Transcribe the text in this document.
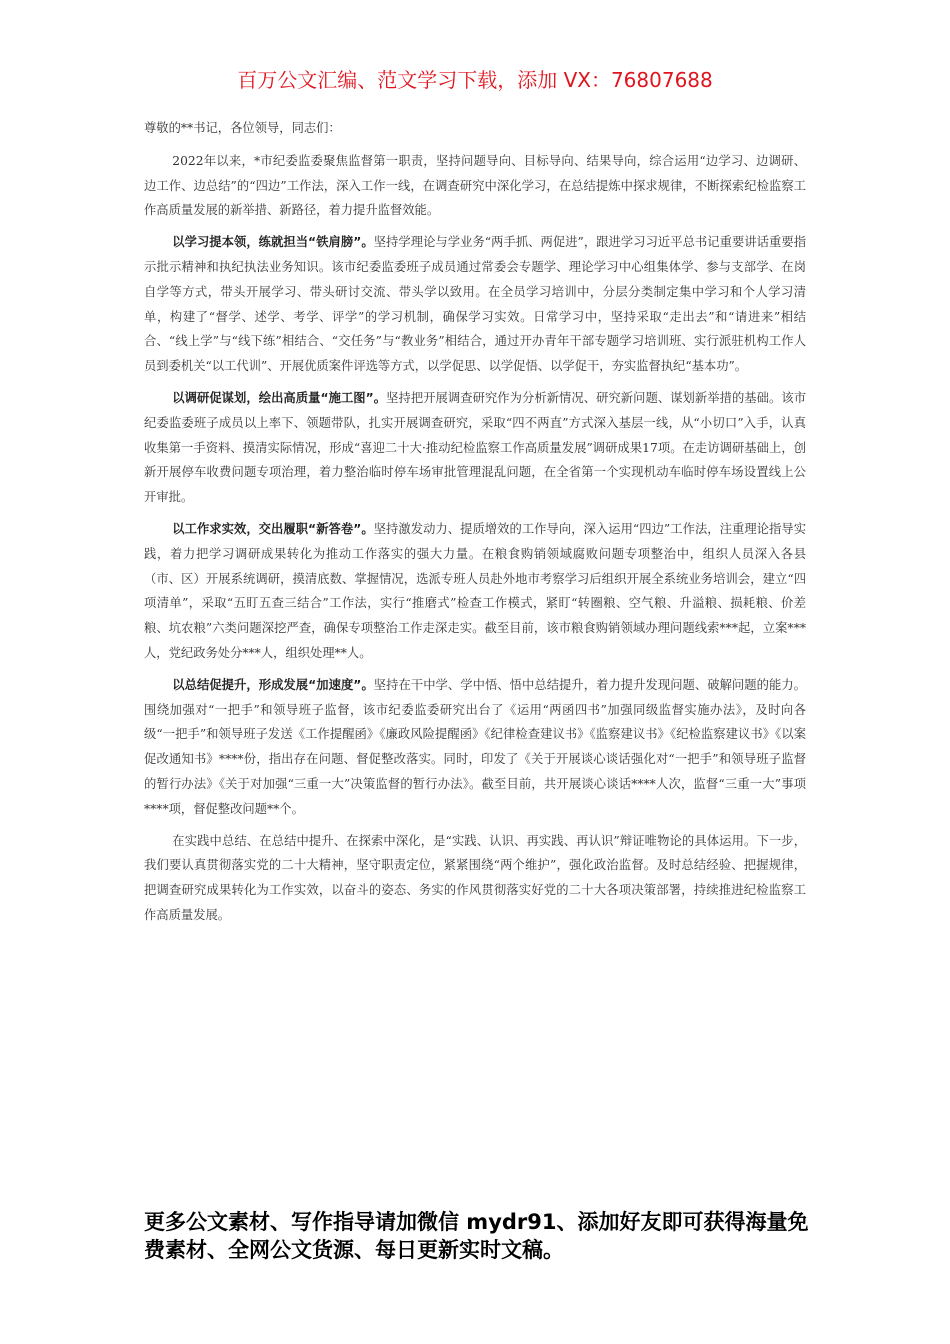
百万公文汇编、范文学习下载，添加 VX：76807688

尊敬的**书记，各位领导，同志们：

2022年以来，*市纪委监委聚焦监督第一职责，坚持问题导向、目标导向、结果导向，综合运用“边学习、边调研、边工作、边总结”的“四边”工作法，深入工作一线，在调查研究中深化学习，在总结提炼中探求规律，不断探索纪检监察工作高质量发展的新举措、新路径，着力提升监督效能。

以学习提本领，练就担当“铁肩膀”。坚持学理论与学业务“两手抓、两促进”，跟进学习习近平总书记重要讲话重要指示批示精神和执纪执法业务知识。该市纪委监委班子成员通过常委会专题学、理论学习中心组集体学、参与支部学、在岗自学等方式，带头开展学习、带头研讨交流、带头学以致用。在全员学习培训中，分层分类制定集中学习和个人学习清单，构建了“督学、述学、考学、评学”的学习机制，确保学习实效。日常学习中，坚持采取“走出去”和“请进来”相结合、“线上学”与“线下练”相结合、“交任务”与“教业务”相结合，通过开办青年干部专题学习培训班、实行派驻机构工作人员到委机关“以工代训”、开展优质案件评选等方式，以学促思、以学促悟、以学促干，夯实监督执纪“基本功”。

以调研促谋划，绘出高质量“施工图”。坚持把开展调查研究作为分析新情况、研究新问题、谋划新举措的基础。该市纪委监委班子成员以上率下、领题带队，扎实开展调查研究，采取“四不两直”方式深入基层一线，从“小切口”入手，认真收集第一手资料、摸清实际情况，形成“喜迎二十大·推动纪检监察工作高质量发展”调研成果17项。在走访调研基础上，创新开展停车收费问题专项治理，着力整治临时停车场审批管理混乱问题，在全省第一个实现机动车临时停车场设置线上公开审批。

以工作求实效，交出履职“新答卷”。坚持激发动力、提质增效的工作导向，深入运用“四边”工作法，注重理论指导实践，着力把学习调研成果转化为推动工作落实的强大力量。在粮食购销领域腐败问题专项整治中，组织人员深入各县（市、区）开展系统调研，摸清底数、掌握情况，选派专班人员赴外地市考察学习后组织开展全系统业务培训会，建立“四项清单”，采取“五盯五查三结合”工作法，实行“推磨式”检查工作模式，紧盯“转圈粮、空气粮、升溢粮、损耗粮、价差粮、坑农粮”六类问题深挖严查，确保专项整治工作走深走实。截至目前，该市粮食购销领域办理问题线索***起，立案***人，党纪政务处分***人，组织处理**人。

以总结促提升，形成发展“加速度”。坚持在干中学、学中悟、悟中总结提升，着力提升发现问题、破解问题的能力。围绕加强对“一把手”和领导班子监督，该市纪委监委研究出台了《运用“两函四书”加强同级监督实施办法》，及时向各级“一把手”和领导班子发送《工作提醒函》《廉政风险提醒函》《纪律检查建议书》《监察建议书》《纪检监察建议书》《以案促改通知书》****份，指出存在问题、督促整改落实。同时，印发了《关于开展谈心谈话强化对“一把手”和领导班子监督的暂行办法》《关于对加强“三重一大”决策监督的暂行办法》。截至目前，共开展谈心谈话****人次，监督“三重一大”事项****项，督促整改问题**个。

在实践中总结、在总结中提升、在探索中深化，是“实践、认识、再实践、再认识”辩证唯物论的具体运用。下一步，我们要认真贯彻落实党的二十大精神，坚守职责定位，紧紧围绕“两个维护”，强化政治监督。及时总结经验、把握规律，把调查研究成果转化为工作实效，以奋斗的姿态、务实的作风贯彻落实好党的二十大各项决策部署，持续推进纪检监察工作高质量发展。

更多公文素材、写作指导请加微信 mydr91、添加好友即可获得海量免费素材、全网公文货源、每日更新实时文稿。
